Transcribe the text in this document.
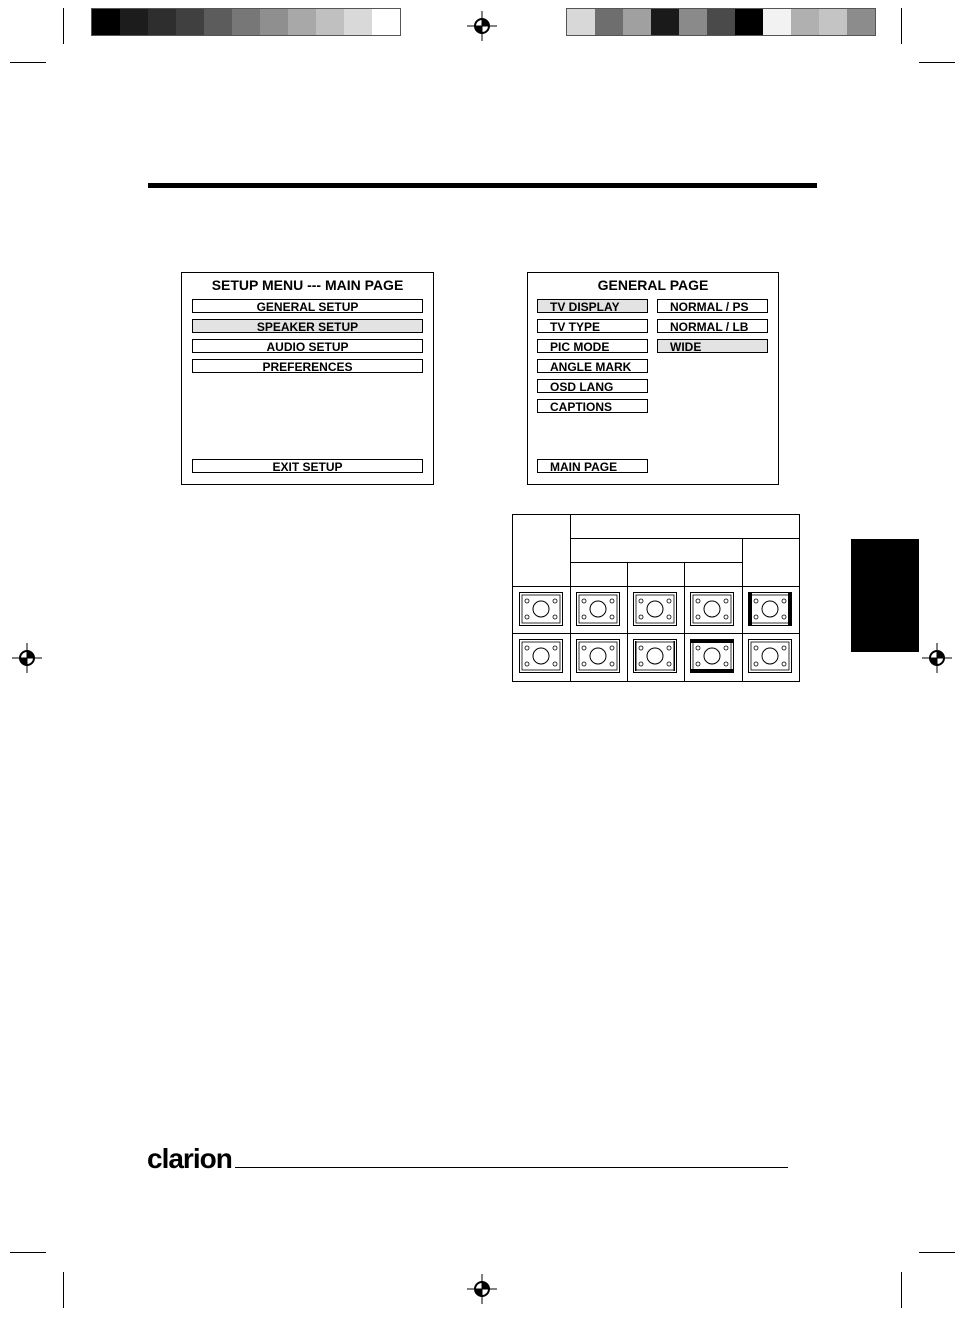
SETUP MENU --- MAIN PAGE
GENERAL SETUP
SPEAKER SETUP
AUDIO SETUP
PREFERENCES
EXIT SETUP
GENERAL PAGE
TV DISPLAY
TV TYPE
PIC MODE
ANGLE MARK
OSD LANG
CAPTIONS
NORMAL / PS
NORMAL / LB
WIDE
MAIN PAGE
clarion
